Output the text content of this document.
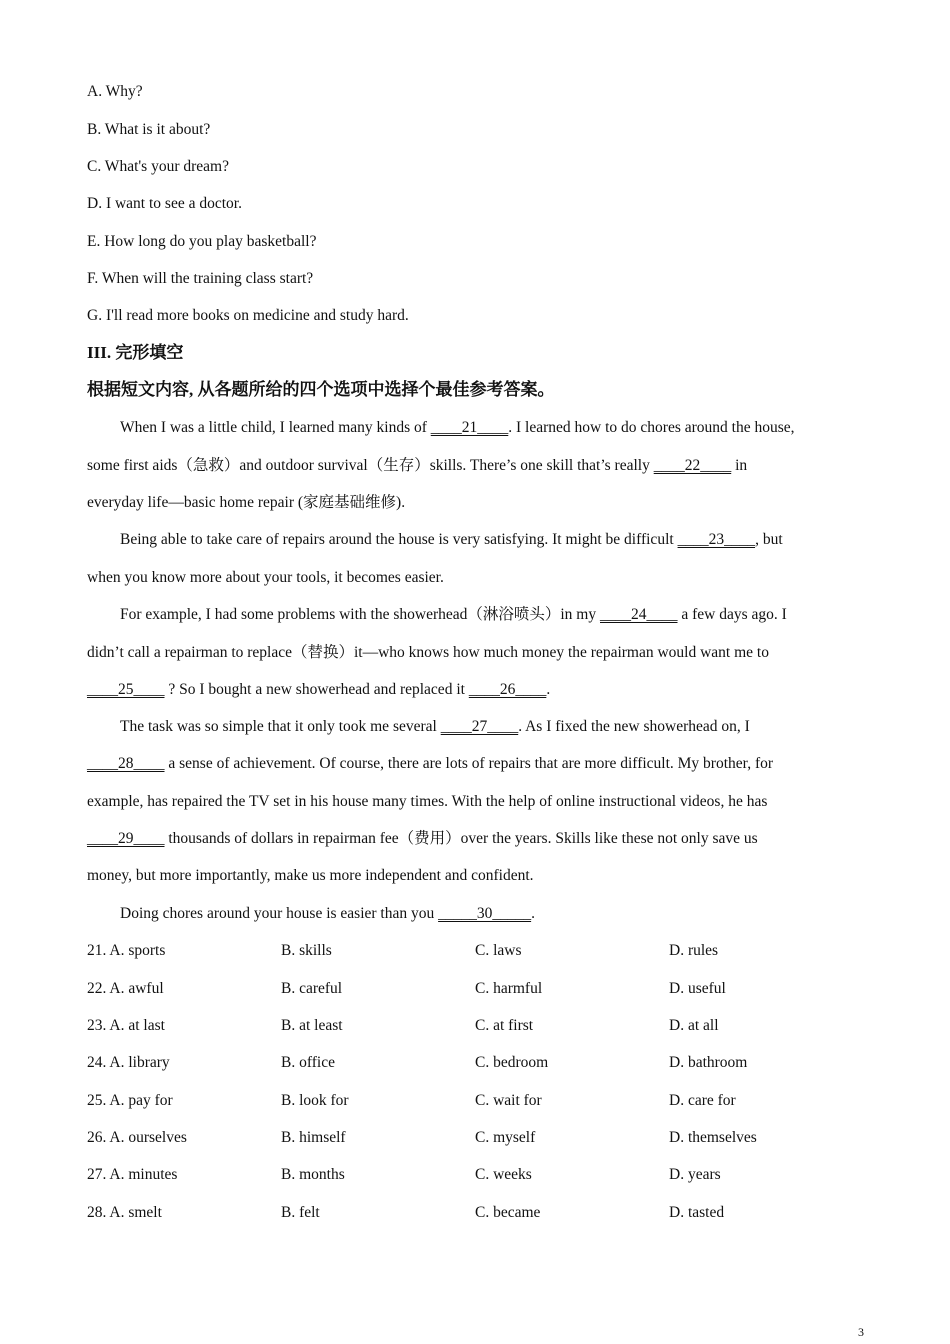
A. Why?
B. What is it about?
C. What's your dream?
D. I want to see a doctor.
E. How long do you play basketball?
F. When will the training class start?
G. I'll read more books on medicine and study hard.
III. 完形填空
根据短文内容, 从各题所给的四个选项中选择个最佳参考答案。
When I was a little child, I learned many kinds of ____21____. I learned how to do chores around the house,
some first aids（急救）and outdoor survival（生存）skills. There’s one skill that’s really ____22____ in
everyday life—basic home repair (家庭基础维修).
Being able to take care of repairs around the house is very satisfying. It might be difficult ____23____, but
when you know more about your tools, it becomes easier.
For example, I had some problems with the showerhead（淋浴喷头）in my ____24____ a few days ago. I
didn’t call a repairman to replace（替换）it—who knows how much money the repairman would want me to
____25____ ? So I bought a new showerhead and replaced it ____26____.
The task was so simple that it only took me several ____27____. As I fixed the new showerhead on, I
____28____ a sense of achievement. Of course, there are lots of repairs that are more difficult. My brother, for
example, has repaired the TV set in his house many times. With the help of online instructional videos, he has
____29____ thousands of dollars in repairman fee（费用）over the years. Skills like these not only save us
money, but more importantly, make us more independent and confident.
Doing chores around your house is easier than you _____30_____.
21. A. sports	B. skills	C. laws	D. rules
22. A. awful	B. careful	C. harmful	D. useful
23. A. at last	B. at least	C. at first	D. at all
24. A. library	B. office	C. bedroom	D. bathroom
25. A. pay for	B. look for	C. wait for	D. care for
26. A. ourselves	B. himself	C. myself	D. themselves
27. A. minutes	B. months	C. weeks	D. years
28. A. smelt	B. felt	C. became	D. tasted
3
